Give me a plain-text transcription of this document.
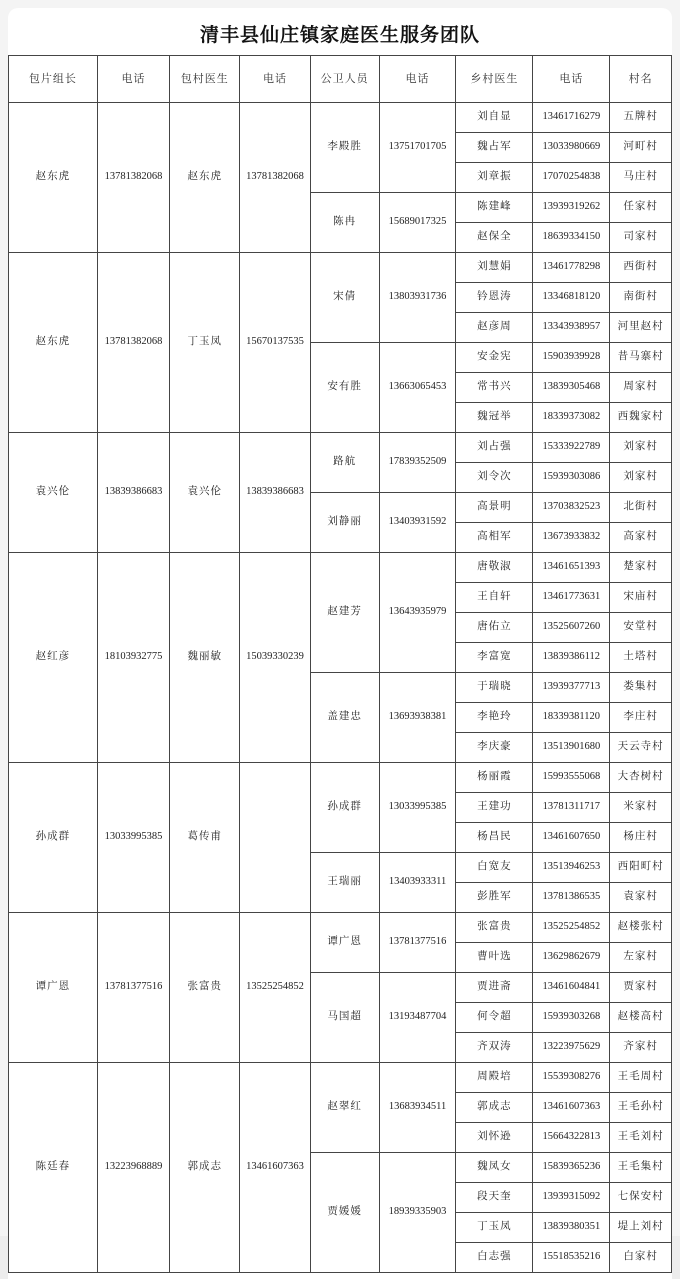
清丰县仙庄镇家庭医生服务团队
包片组长	电话	包村医生	电话	公卫人员	电话	乡村医生	电话	村名
赵东虎	13781382068	赵东虎	13781382068	李殿胜	13751701705	刘自显	13461716279	五牌村
						魏占军	13033980669	河町村
						刘章振	17070254838	马庄村
				陈冉	15689017325	陈建峰	13939319262	任家村
						赵保全	18639334150	司家村
赵东虎	13781382068	丁玉凤	15670137535	宋倩	13803931736	刘慧娟	13461778298	西街村
						钤恩涛	13346818120	南街村
						赵彦周	13343938957	河里赵村
				安有胜	13663065453	安金宪	15903939928	昔马寨村
						常书兴	13839305468	周家村
						魏冠举	18339373082	西魏家村
袁兴伦	13839386683	袁兴伦	13839386683	路航	17839352509	刘占强	15333922789	刘家村
						刘令次	15939303086	刘家村
				刘静丽	13403931592	高景明	13703832523	北街村
						高相军	13673933832	高家村
赵红彦	18103932775	魏丽敏	15039330239	赵建芳	13643935979	唐敬淑	13461651393	楚家村
						王自轩	13461773631	宋庙村
						唐佑立	13525607260	安堂村
						李富宽	13839386112	土塔村
				盖建忠	13693938381	于瑞晓	13939377713	娄集村
						李艳玲	18339381120	李庄村
						李庆豪	13513901680	天云寺村
孙成群	13033995385	葛传甫		孙成群	13033995385	杨丽霞	15993555068	大杏树村
						王建功	13781311717	米家村
						杨昌民	13461607650	杨庄村
				王瑞丽	13403933311	白宽友	13513946253	西阳町村
						彭胜军	13781386535	袁家村
谭广恩	13781377516	张富贵	13525254852	谭广恩	13781377516	张富贵	13525254852	赵楼张村
						曹叶选	13629862679	左家村
				马国超	13193487704	贾进斋	13461604841	贾家村
						何令超	15939303268	赵楼高村
						齐双涛	13223975629	齐家村
陈廷春	13223968889	郭成志	13461607363	赵翠红	13683934511	周殿培	15539308276	王毛周村
						郭成志	13461607363	王毛孙村
						刘怀逊	15664322813	王毛刘村
				贾媛媛	18939335903	魏凤女	15839365236	王毛集村
						段天奎	13939315092	七保安村
						丁玉凤	13839380351	堤上刘村
						白志强	15518535216	白家村
